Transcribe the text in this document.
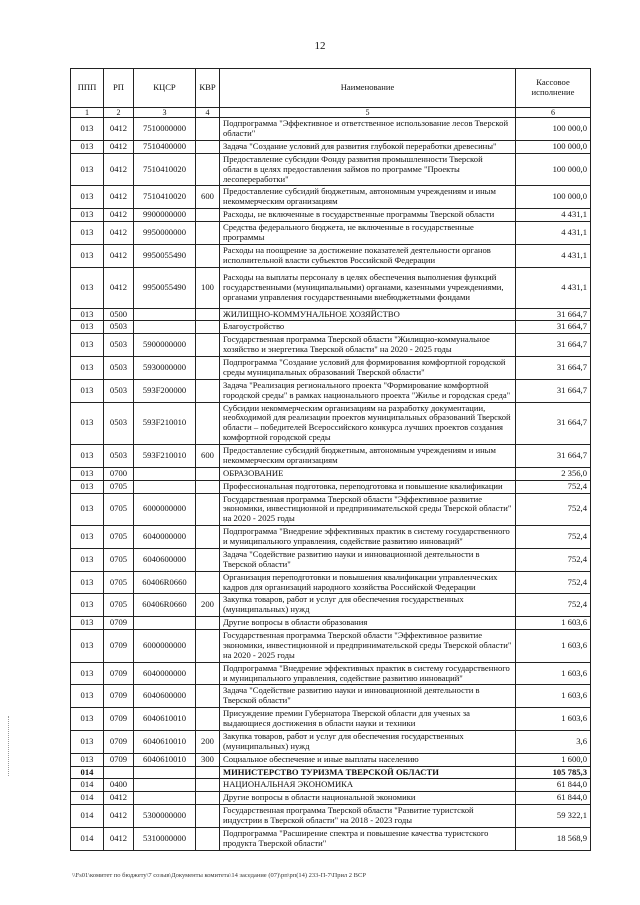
12
ППП	РП	КЦСР	КВР	Наименование	Кассовое исполнение
1	2	3	4	5	6
013	0412	7510000000		Подпрограмма "Эффективное и ответственное использование лесов Тверской области"	100 000,0
013	0412	7510400000		Задача "Создание условий для развития глубокой переработки древесины"	100 000,0
013	0412	7510410020		Предоставление субсидии Фонду развития промышленности Тверской области в целях предоставления займов по программе "Проекты лесопереработки"	100 000,0
013	0412	7510410020	600	Предоставление субсидий бюджетным, автономным учреждениям и иным некоммерческим организациям	100 000,0
013	0412	9900000000		Расходы, не включенные в государственные программы Тверской области	4 431,1
013	0412	9950000000		Средства федерального бюджета, не включенные в государственные программы	4 431,1
013	0412	9950055490		Расходы на поощрение за достижение показателей деятельности органов исполнительной власти субъектов Российской Федерации	4 431,1
013	0412	9950055490	100	Расходы на выплаты персоналу в целях обеспечения выполнения функций государственными (муниципальными) органами, казенными учреждениями, органами управления государственными внебюджетными фондами	4 431,1
013	0500			ЖИЛИЩНО-КОММУНАЛЬНОЕ ХОЗЯЙСТВО	31 664,7
013	0503			Благоустройство	31 664,7
013	0503	5900000000		Государственная программа Тверской области "Жилищно-коммунальное хозяйство и энергетика Тверской области" на 2020 - 2025 годы	31 664,7
013	0503	5930000000		Подпрограмма "Создание условий для формирования комфортной городской среды муниципальных образований Тверской области"	31 664,7
013	0503	593F200000		Задача "Реализация регионального проекта "Формирование комфортной городской среды" в рамках национального проекта "Жилье и городская среда"	31 664,7
013	0503	593F210010		Субсидии некоммерческим организациям на разработку документации, необходимой для реализации проектов муниципальных образований Тверской области – победителей Всероссийского конкурса лучших проектов создания комфортной городской среды	31 664,7
013	0503	593F210010	600	Предоставление субсидий бюджетным, автономным учреждениям и иным некоммерческим организациям	31 664,7
013	0700			ОБРАЗОВАНИЕ	2 356,0
013	0705			Профессиональная подготовка, переподготовка и повышение квалификации	752,4
013	0705	6000000000		Государственная программа Тверской области "Эффективное развитие экономики, инвестиционной и предпринимательской среды Тверской области" на 2020 - 2025 годы	752,4
013	0705	6040000000		Подпрограмма "Внедрение эффективных практик в систему государственного и муниципального управления, содействие развитию инноваций"	752,4
013	0705	6040600000		Задача "Содействие развитию науки и инновационной деятельности в Тверской области"	752,4
013	0705	60406R0660		Организация переподготовки и повышения квалификации управленческих кадров для организаций народного хозяйства Российской Федерации	752,4
013	0705	60406R0660	200	Закупка товаров, работ и услуг для обеспечения государственных (муниципальных) нужд	752,4
013	0709			Другие вопросы в области образования	1 603,6
013	0709	6000000000		Государственная программа Тверской области "Эффективное развитие экономики, инвестиционной и предпринимательской среды Тверской области" на 2020 - 2025 годы	1 603,6
013	0709	6040000000		Подпрограмма "Внедрение эффективных практик в систему государственного и муниципального управления, содействие развитию инноваций"	1 603,6
013	0709	6040600000		Задача "Содействие развитию науки и инновационной деятельности в Тверской области"	1 603,6
013	0709	6040610010		Присуждение премии Губернатора Тверской области для ученых за выдающиеся достижения в области науки и техники	1 603,6
013	0709	6040610010	200	Закупка товаров, работ и услуг для обеспечения государственных (муниципальных) нужд	3,6
013	0709	6040610010	300	Социальное обеспечение и иные выплаты населению	1 600,0
014				МИНИСТЕРСТВО ТУРИЗМА ТВЕРСКОЙ ОБЛАСТИ	105 785,3
014	0400			НАЦИОНАЛЬНАЯ ЭКОНОМИКА	61 844,0
014	0412			Другие вопросы в области национальной экономики	61 844,0
014	0412	5300000000		Государственная программа Тверской области "Развитие туристской индустрии в Тверской области" на 2018 - 2023 годы	59 322,1
014	0412	5310000000		Подпрограмма "Расширение спектра и повышение качества туристского продукта Тверской области"	18 568,9
\\Fs01\комитет по бюджету\7 созыв\Документы комитета\14 заседание (07)\рп\рп(14) 233-П-7\Прил 2 ВСР
